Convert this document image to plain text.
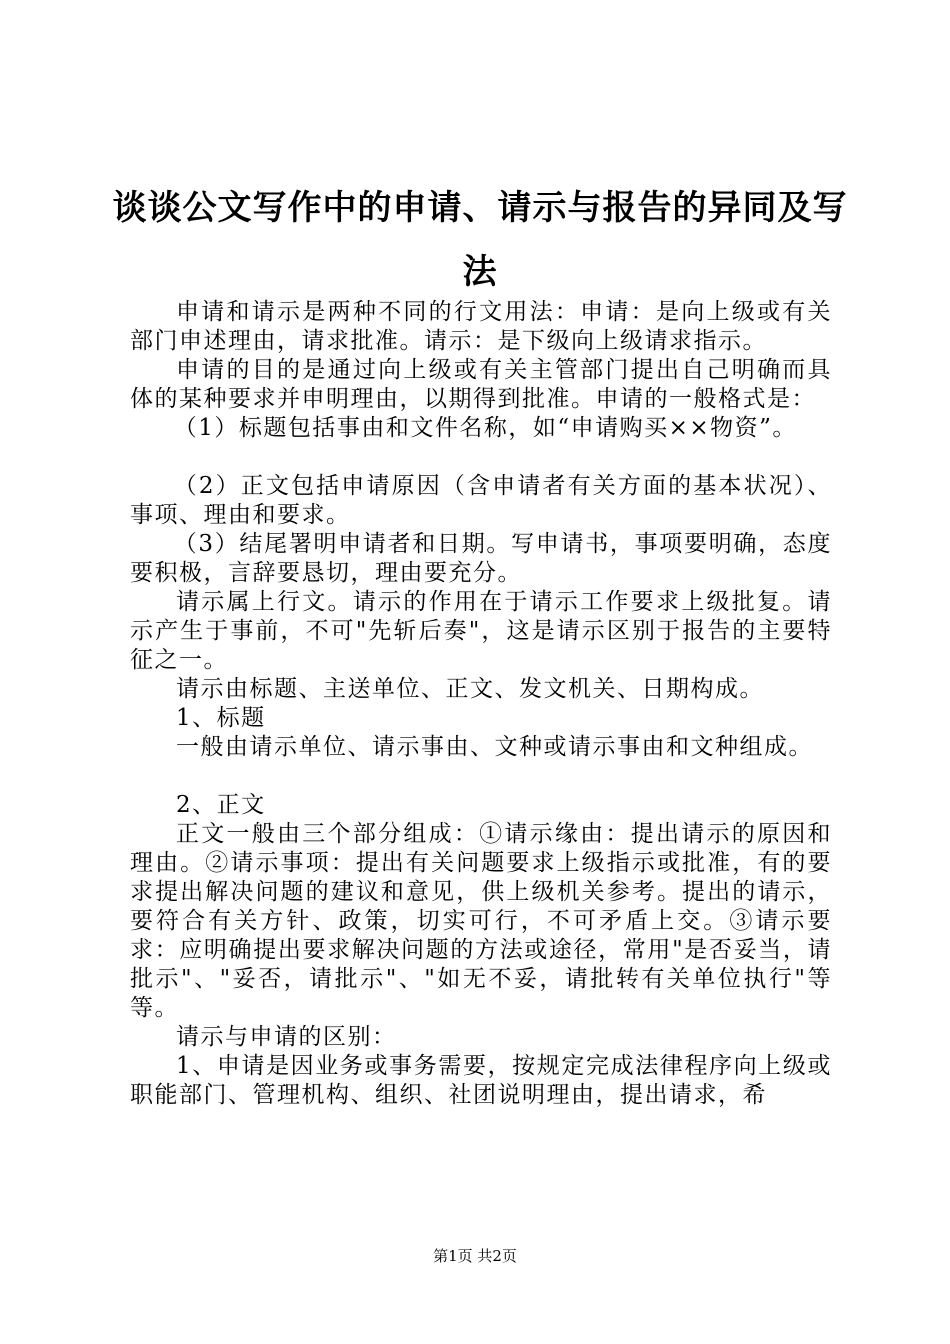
谈谈公文写作中的申请、请示与报告的异同及写法

申请和请示是两种不同的行文用法：申请：是向上级或有关部门申述理由，请求批准。请示：是下级向上级请求指示。

申请的目的是通过向上级或有关主管部门提出自己明确而具体的某种要求并申明理由，以期得到批准。申请的一般格式是：

（1）标题包括事由和文件名称，如“申请购买××物资”。

（2）正文包括申请原因（含申请者有关方面的基本状况）、事项、理由和要求。

（3）结尾署明申请者和日期。写申请书，事项要明确，态度要积极，言辞要恳切，理由要充分。

请示属上行文。请示的作用在于请示工作要求上级批复。请示产生于事前，不可"先斩后奏"，这是请示区别于报告的主要特征之一。

请示由标题、主送单位、正文、发文机关、日期构成。

1、标题

一般由请示单位、请示事由、文种或请示事由和文种组成。

2、正文

正文一般由三个部分组成：①请示缘由：提出请示的原因和理由。②请示事项：提出有关问题要求上级指示或批准，有的要求提出解决问题的建议和意见，供上级机关参考。提出的请示，要符合有关方针、政策，切实可行，不可矛盾上交。③请示要求：应明确提出要求解决问题的方法或途径，常用"是否妥当，请批示"、"妥否，请批示"、"如无不妥，请批转有关单位执行"等等。

请示与申请的区别：

1、申请是因业务或事务需要，按规定完成法律程序向上级或职能部门、管理机构、组织、社团说明理由，提出请求，希

第1页 共2页
